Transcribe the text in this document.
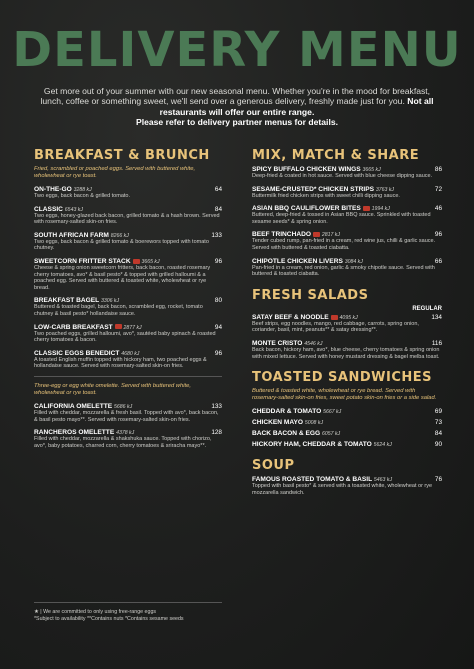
DELIVERY MENU
Get more out of your summer with our new seasonal menu. Whether you're in the mood for breakfast, lunch, coffee or something sweet, we'll send over a generous delivery, freshly made just for you. Not all restaurants will offer our entire range.
Please refer to delivery partner menus for details.
BREAKFAST & BRUNCH
Fried, scrambled or poached eggs. Served with buttered white, wholewheat or rye toast.
ON-THE-GO 3288 kJ	64
Two eggs, back bacon & grilled tomato.
CLASSIC 6543 kJ	84
Two eggs, honey-glazed back bacon, grilled tomato & a hash brown. Served with rosemary-salted skin-on fries.
SOUTH AFRICAN FARM 8266 kJ	133
Two eggs, back bacon & grilled tomato & boerewors topped with tomato chutney.
SWEETCORN FRITTER STACK 3665 kJ	96
Cheese & spring onion sweetcorn fritters, back bacon, roasted rosemary cherry tomatoes, avo* & basil pesto* & topped with grilled halloumi & a poached egg. Served with buttered & toasted white, wholewheat or rye bread.
BREAKFAST BAGEL 3306 kJ	80
Buttered & toasted bagel, back bacon, scrambled egg, rocket, tomato chutney & basil pesto* hollandaise sauce.
LOW-CARB BREAKFAST 2877 kJ	94
Two poached eggs, grilled halloumi, avo*, sautéed baby spinach & roasted cherry tomatoes & bacon.
CLASSIC EGGS BENEDICT 4680 kJ	96
A toasted English muffin topped with hickory ham, two poached eggs & hollandaise sauce. Served with rosemary-salted skin-on fries.
Three-egg or egg white omelette. Served with buttered white, wholewheat or rye toast.
CALIFORNIA OMELETTE 5686 kJ	133
Filled with cheddar, mozzarella & fresh basil. Topped with avo*, back bacon, & basil pesto mayo**. Served with rosemary-salted skin-on fries.
RANCHEROS OMELETTE 4378 kJ	128
Filled with cheddar, mozzarella & shakshuka sauce. Topped with chorizo, avo*, baby potatoes, charred corn, cherry tomatoes & sriracha mayo**.
MIX, MATCH & SHARE
SPICY BUFFALO CHICKEN WINGS 3665 kJ	86
Deep-fried & coated in hot sauce. Served with blue cheese dipping sauce.
SESAME-CRUSTED* CHICKEN STRIPS 3763 kJ	72
Buttermilk fried chicken strips with sweet chilli dipping sauce.
ASIAN BBQ CAULIFLOWER BITES 1994 kJ	46
Buttered, deep-fried & tossed in Asian BBQ sauce. Sprinkled with toasted sesame seeds* & spring onion.
BEEF TRINCHADO 2817 kJ	96
Tender cubed rump, pan-fried in a cream, red wine jus, chilli & garlic sauce. Served with buttered & toasted ciabatta.
CHIPOTLE CHICKEN LIVERS 3084 kJ	66
Pan-fried in a cream, red onion, garlic & smoky chipotle sauce. Served with buttered & toasted ciabatta.
FRESH SALADS
REGULAR
SATAY BEEF & NOODLE 4095 kJ	134
Beef strips, egg noodles, mango, red cabbage, carrots, spring onion, coriander, basil, mint, peanuts** & satay dressing**.
MONTE CRISTO 4546 kJ	116
Back bacon, hickory ham, avo*, blue cheese, cherry tomatoes & spring onion with mixed lettuce. Served with honey mustard dressing & bagel melba toast.
TOASTED SANDWICHES
Buttered & toasted white, wholewheat or rye bread. Served with rosemary-salted skin-on fries, sweet potato skin-on fries or a side salad.
CHEDDAR & TOMATO 5667 kJ	69
CHICKEN MAYO 5008 kJ	73
BACK BACON & EGG 6057 kJ	84
HICKORY HAM, CHEDDAR & TOMATO 5624 kJ	90
SOUP
FAMOUS ROASTED TOMATO & BASIL 5463 kJ	76
Topped with basil pesto* & served with a toasted white, wholewheat or rye mozzarella sandwich.
★ | We are committed to only using free-range eggs
*Subject to availability **Contains nuts *Contains sesame seeds
